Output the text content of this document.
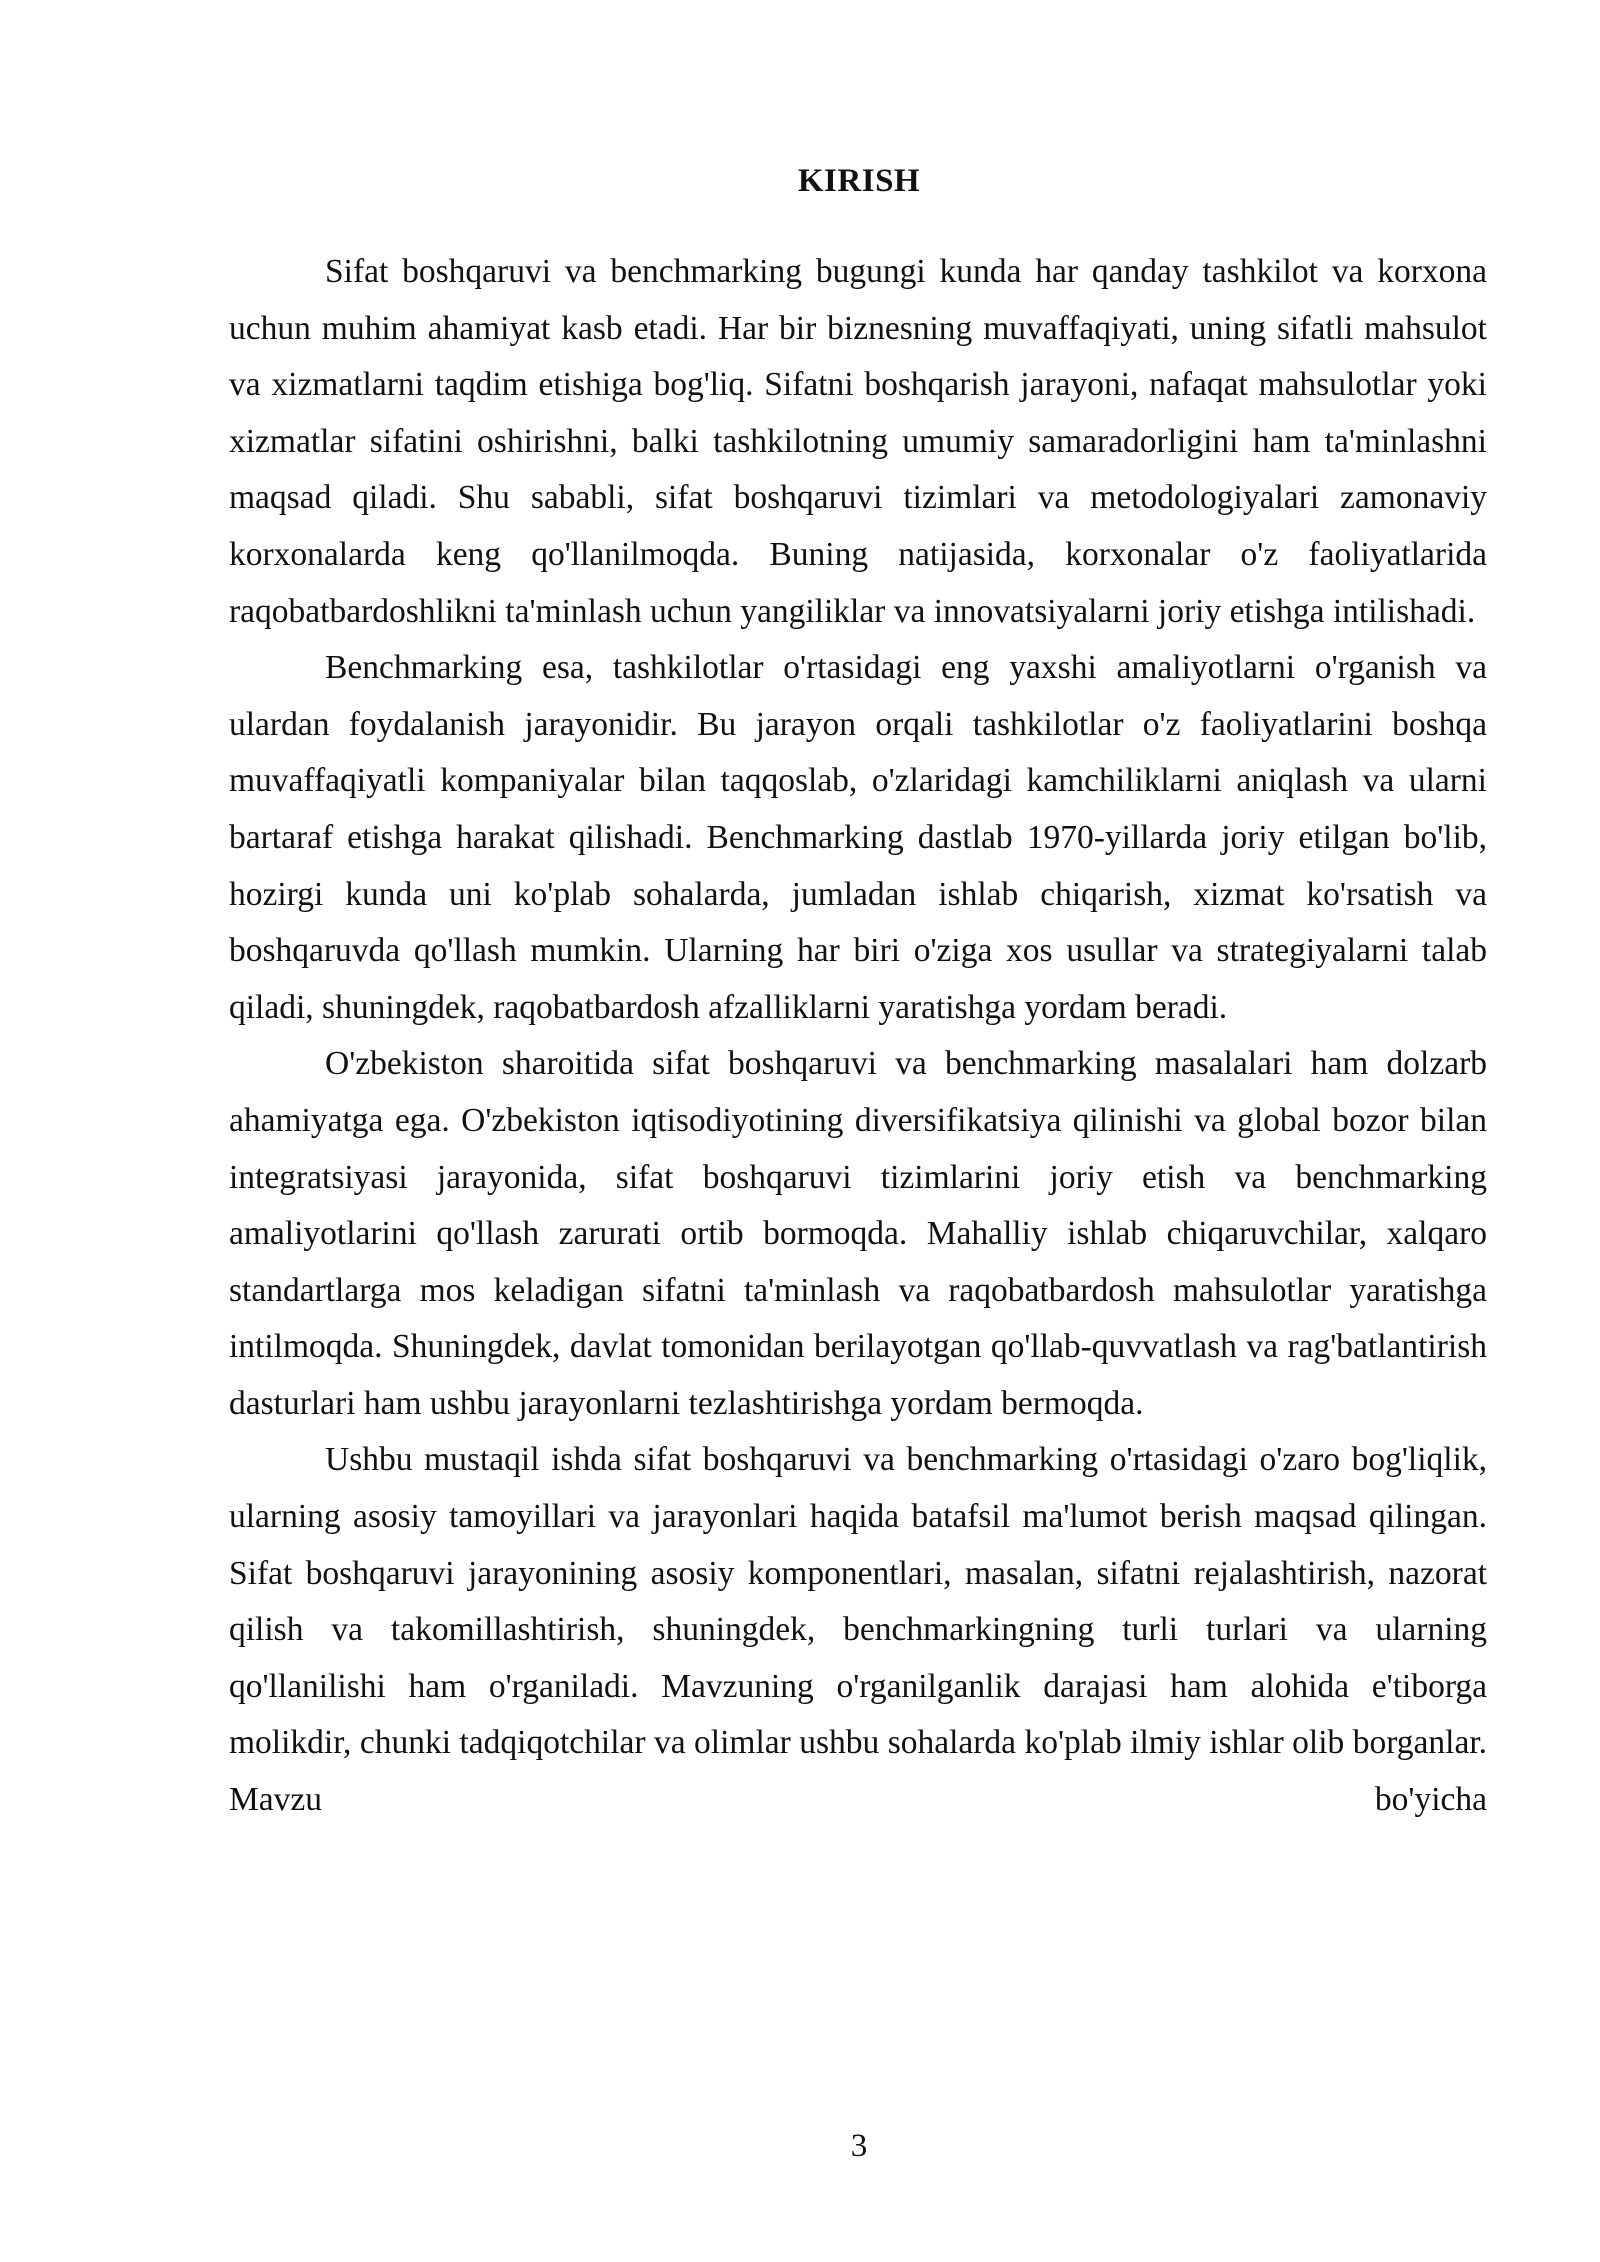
KIRISH

Sifat boshqaruvi va benchmarking bugungi kunda har qanday tashkilot va korxona uchun muhim ahamiyat kasb etadi. Har bir biznesning muvaffaqiyati, uning sifatli mahsulot va xizmatlarni taqdim etishiga bog'liq. Sifatni boshqarish jarayoni, nafaqat mahsulotlar yoki xizmatlar sifatini oshirishni, balki tashkilotning umumiy samaradorligini ham ta'minlashni maqsad qiladi. Shu sababli, sifat boshqaruvi tizimlari va metodologiyalari zamonaviy korxonalarda keng qo'llanilmoqda. Buning natijasida, korxonalar o'z faoliyatlarida raqobatbardoshlikni ta'minlash uchun yangiliklar va innovatsiyalarni joriy etishga intilishadi.

Benchmarking esa, tashkilotlar o'rtasidagi eng yaxshi amaliyotlarni o'rganish va ulardan foydalanish jarayonidir. Bu jarayon orqali tashkilotlar o'z faoliyatlarini boshqa muvaffaqiyatli kompaniyalar bilan taqqoslab, o'zlaridagi kamchiliklarni aniqlash va ularni bartaraf etishga harakat qilishadi. Benchmarking dastlab 1970-yillarda joriy etilgan bo'lib, hozirgi kunda uni ko'plab sohalarda, jumladan ishlab chiqarish, xizmat ko'rsatish va boshqaruvda qo'llash mumkin. Ularning har biri o'ziga xos usullar va strategiyalarni talab qiladi, shuningdek, raqobatbardosh afzalliklarni yaratishga yordam beradi.

O'zbekiston sharoitida sifat boshqaruvi va benchmarking masalalari ham dolzarb ahamiyatga ega. O'zbekiston iqtisodiyotining diversifikatsiya qilinishi va global bozor bilan integratsiyasi jarayonida, sifat boshqaruvi tizimlarini joriy etish va benchmarking amaliyotlarini qo'llash zarurati ortib bormoqda. Mahalliy ishlab chiqaruvchilar, xalqaro standartlarga mos keladigan sifatni ta'minlash va raqobatbardosh mahsulotlar yaratishga intilmoqda. Shuningdek, davlat tomonidan berilayotgan qo'llab-quvvatlash va rag'batlantirish dasturlari ham ushbu jarayonlarni tezlashtirishga yordam bermoqda.

Ushbu mustaqil ishda sifat boshqaruvi va benchmarking o'rtasidagi o'zaro bog'liqlik, ularning asosiy tamoyillari va jarayonlari haqida batafsil ma'lumot berish maqsad qilingan. Sifat boshqaruvi jarayonining asosiy komponentlari, masalan, sifatni rejalashtirish, nazorat qilish va takomillashtirish, shuningdek, benchmarkingning turli turlari va ularning qo'llanilishi ham o'rganiladi. Mavzuning o'rganilganlik darajasi ham alohida e'tiborga molikdir, chunki tadqiqotchilar va olimlar ushbu sohalarda ko'plab ilmiy ishlar olib borganlar. Mavzu bo'yicha

3
